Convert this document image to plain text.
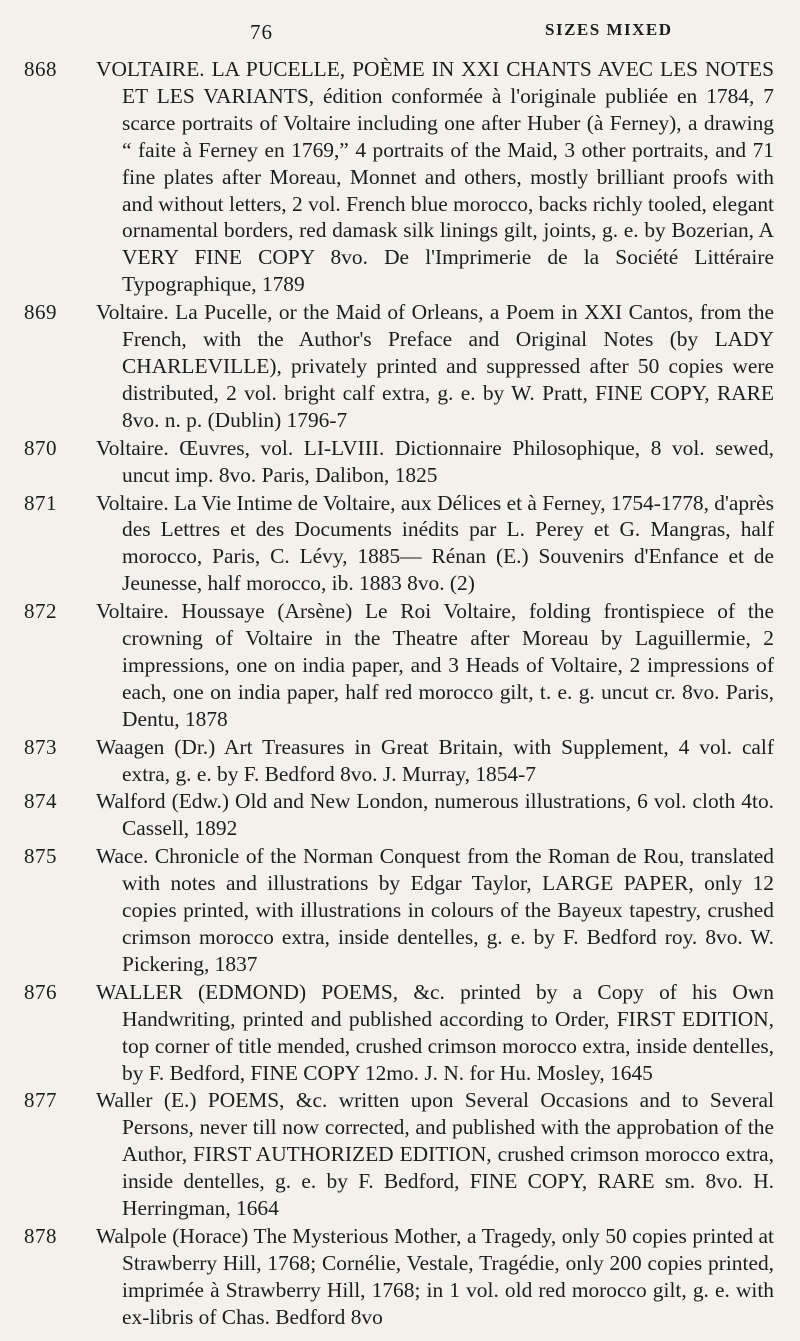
76	SIZES MIXED
868	VOLTAIRE. LA PUCELLE, POÈME IN XXI CHANTS AVEC LES NOTES ET LES VARIANTS, édition conformée à l'originale publiée en 1784, 7 scarce portraits of Voltaire including one after Huber (à Ferney), a drawing “ faite à Ferney en 1769,” 4 portraits of the Maid, 3 other portraits, and 71 fine plates after Moreau, Monnet and others, mostly brilliant proofs with and without letters, 2 vol. French blue morocco, backs richly tooled, elegant ornamental borders, red damask silk linings gilt, joints, g. e. by Bozerian, A VERY FINE COPY 8vo. De l'Imprimerie de la Société Littéraire Typographique, 1789
869	Voltaire. La Pucelle, or the Maid of Orleans, a Poem in XXI Cantos, from the French, with the Author's Preface and Original Notes (by LADY CHARLEVILLE), privately printed and suppressed after 50 copies were distributed, 2 vol. bright calf extra, g. e. by W. Pratt, FINE COPY, RARE 8vo. n. p. (Dublin) 1796-7
870	Voltaire. Œuvres, vol. LI-LVIII. Dictionnaire Philosophique, 8 vol. sewed, uncut imp. 8vo. Paris, Dalibon, 1825
871	Voltaire. La Vie Intime de Voltaire, aux Délices et à Ferney, 1754-1778, d'après des Lettres et des Documents inédits par L. Perey et G. Mangras, half morocco, Paris, C. Lévy, 1885— Rénan (E.) Souvenirs d'Enfance et de Jeunesse, half morocco, ib. 1883 8vo. (2)
872	Voltaire. Houssaye (Arsène) Le Roi Voltaire, folding frontispiece of the crowning of Voltaire in the Theatre after Moreau by Laguillermie, 2 impressions, one on india paper, and 3 Heads of Voltaire, 2 impressions of each, one on india paper, half red morocco gilt, t. e. g. uncut cr. 8vo. Paris, Dentu, 1878
873	Waagen (Dr.) Art Treasures in Great Britain, with Supplement, 4 vol. calf extra, g. e. by F. Bedford 8vo. J. Murray, 1854-7
874	Walford (Edw.) Old and New London, numerous illustrations, 6 vol. cloth 4to. Cassell, 1892
875	Wace. Chronicle of the Norman Conquest from the Roman de Rou, translated with notes and illustrations by Edgar Taylor, LARGE PAPER, only 12 copies printed, with illustrations in colours of the Bayeux tapestry, crushed crimson morocco extra, inside dentelles, g. e. by F. Bedford roy. 8vo. W. Pickering, 1837
876	WALLER (EDMOND) POEMS, &c. printed by a Copy of his Own Handwriting, printed and published according to Order, FIRST EDITION, top corner of title mended, crushed crimson morocco extra, inside dentelles, by F. Bedford, FINE COPY 12mo. J. N. for Hu. Mosley, 1645
877	Waller (E.) POEMS, &c. written upon Several Occasions and to Several Persons, never till now corrected, and published with the approbation of the Author, FIRST AUTHORIZED EDITION, crushed crimson morocco extra, inside dentelles, g. e. by F. Bedford, FINE COPY, RARE sm. 8vo. H. Herringman, 1664
878	Walpole (Horace) The Mysterious Mother, a Tragedy, only 50 copies printed at Strawberry Hill, 1768; Cornélie, Vestale, Tragédie, only 200 copies printed, imprimée à Strawberry Hill, 1768; in 1 vol. old red morocco gilt, g. e. with ex-libris of Chas. Bedford 8vo
